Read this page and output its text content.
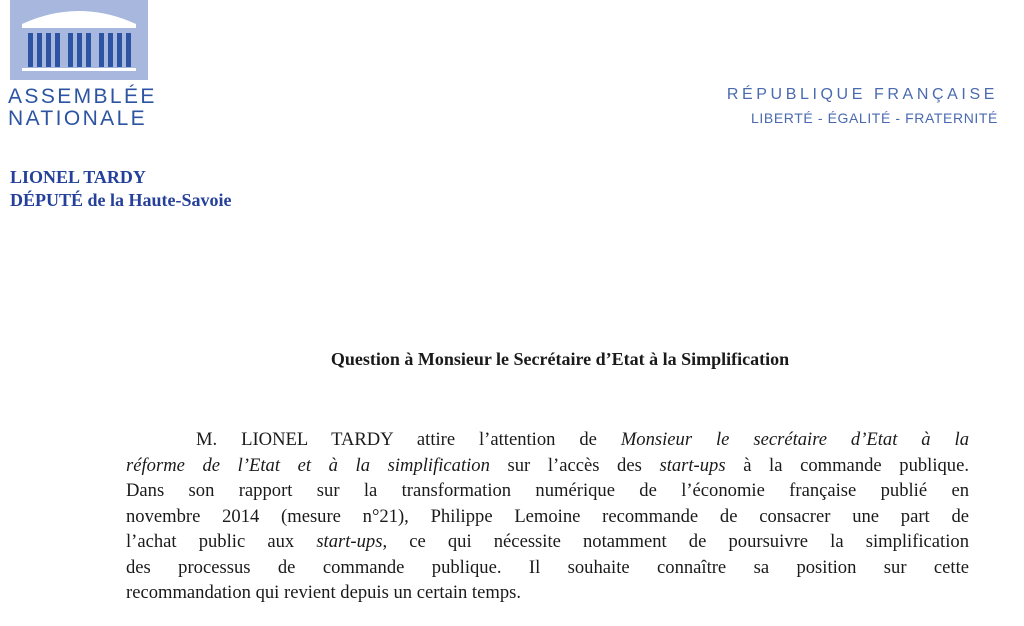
ASSEMBLÉE
NATIONALE
RÉPUBLIQUE FRANÇAISE
LIBERTÉ - ÉGALITÉ - FRATERNITÉ
LIONEL TARDY
DÉPUTÉ de la Haute-Savoie
Question à Monsieur le Secrétaire d’Etat à la Simplification
M. LIONEL TARDY attire l’attention de Monsieur le secrétaire d’Etat à la
réforme de l’Etat et à la simplification sur l’accès des start-ups à la commande publique.
Dans son rapport sur la transformation numérique de l’économie française publié en
novembre 2014 (mesure n°21), Philippe Lemoine recommande de consacrer une part de
l’achat public aux start-ups, ce qui nécessite notamment de poursuivre la simplification
des processus de commande publique. Il souhaite connaître sa position sur cette
recommandation qui revient depuis un certain temps.
